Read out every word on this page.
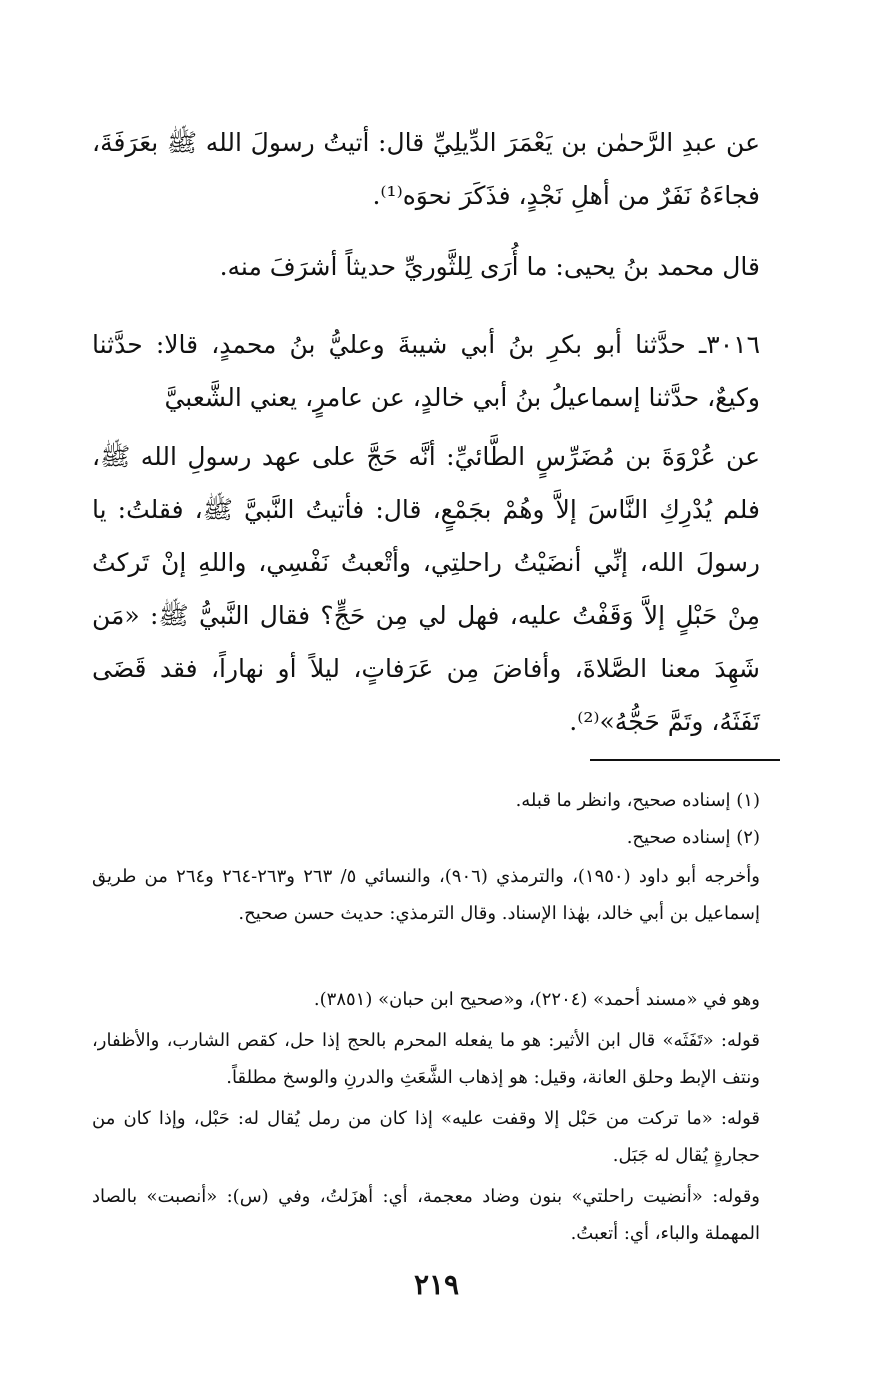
عن عبدِ الرَّحمٰن بن يَعْمَرَ الدِّيلِيِّ قال: أتيتُ رسولَ الله ﷺ بعَرَفَةَ، فجاءَهُ نَفَرٌ من أهلِ نَجْدٍ، فذَكَرَ نحوَه⁽¹⁾.

قال محمد بنُ يحيى: ما أُرَى لِلثَّوريِّ حديثاً أشرَفَ منه.

٣٠١٦ـ حدَّثنا أبو بكرِ بنُ أبي شيبةَ وعليُّ بنُ محمدٍ، قالا: حدَّثنا وكيعٌ، حدَّثنا إسماعيلُ بنُ أبي خالدٍ، عن عامرٍ، يعني الشَّعبيَّ

عن عُرْوَةَ بن مُضَرِّسٍ الطَّائيِّ: أنَّه حَجَّ على عهد رسولِ الله ﷺ، فلم يُدْرِكِ النَّاسَ إلاَّ وهُمْ بجَمْعٍ، قال: فأتيتُ النَّبيَّ ﷺ، فقلتُ: يا رسولَ الله، إنِّي أنضَيْتُ راحلتِي، وأتْعبتُ نَفْسِي، واللهِ إنْ تَركتُ مِنْ حَبْلٍ إلاَّ وَقَفْتُ عليه، فهل لي مِن حَجٍّ؟ فقال النَّبيُّ ﷺ: «مَن شَهِدَ معنا الصَّلاةَ، وأفاضَ مِن عَرَفاتٍ، ليلاً أو نهاراً، فقد قَضَى تَفَثَهُ، وتَمَّ حَجُّهُ»⁽²⁾.

(١) إسناده صحيح، وانظر ما قبله.

(٢) إسناده صحيح.

وأخرجه أبو داود (١٩٥٠)، والترمذي (٩٠٦)، والنسائي ٥/ ٢٦٣ و٢٦٣-٢٦٤ و٢٦٤ من طريق إسماعيل بن أبي خالد، بهٰذا الإسناد. وقال الترمذي: حديث حسن صحيح.

وهو في «مسند أحمد» (٢٢٠٤)، و«صحيح ابن حبان» (٣٨٥١).

قوله: «تَفَثَه» قال ابن الأثير: هو ما يفعله المحرم بالحج إذا حل، كقص الشارب، والأظفار، ونتف الإبط وحلق العانة، وقيل: هو إذهاب الشَّعَثِ والدرنِ والوسخ مطلقاً.

قوله: «ما تركت من حَبْل إلا وقفت عليه» إذا كان من رمل يُقال له: حَبْل، وإذا كان من حجارةٍ يُقال له جَبَل.

وقوله: «أنضيت راحلتي» بنون وضاد معجمة، أي: أهزَلتُ، وفي (س): «أنصبت» بالصاد المهملة والباء، أي: أتعبتُ.

٢١٩
